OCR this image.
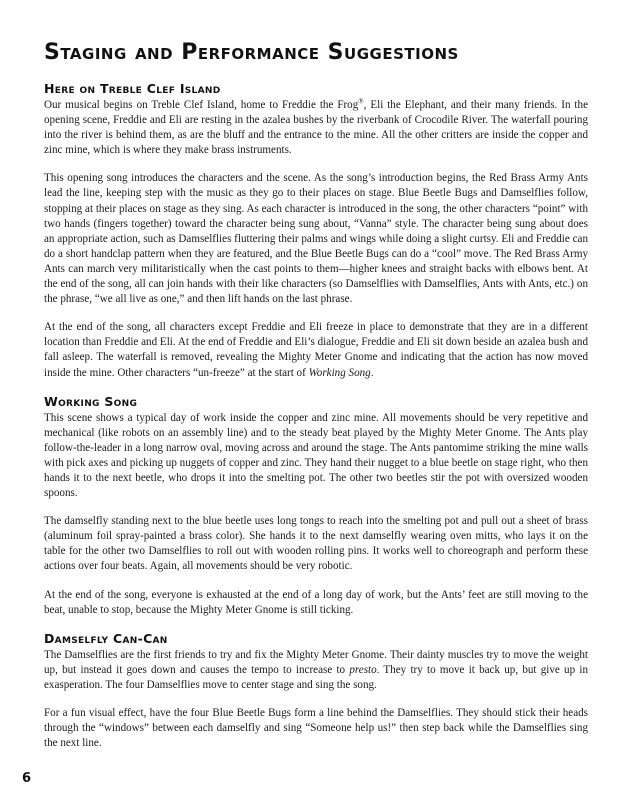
Staging and Performance Suggestions
Here on Treble Clef Island

Our musical begins on Treble Clef Island, home to Freddie the Frog®, Eli the Elephant, and their many friends. In the opening scene, Freddie and Eli are resting in the azalea bushes by the riverbank of Crocodile River. The waterfall pouring into the river is behind them, as are the bluff and the entrance to the mine. All the other critters are inside the copper and zinc mine, which is where they make brass instruments.

This opening song introduces the characters and the scene. As the song’s introduction begins, the Red Brass Army Ants lead the line, keeping step with the music as they go to their places on stage. Blue Beetle Bugs and Damselflies follow, stopping at their places on stage as they sing. As each character is introduced in the song, the other characters “point” with two hands (fingers together) toward the character being sung about, “Vanna” style. The character being sung about does an appropriate action, such as Damselflies fluttering their palms and wings while doing a slight curtsy. Eli and Freddie can do a short handclap pattern when they are featured, and the Blue Beetle Bugs can do a “cool” move. The Red Brass Army Ants can march very militaristically when the cast points to them—higher knees and straight backs with elbows bent. At the end of the song, all can join hands with their like characters (so Damselflies with Damselflies, Ants with Ants, etc.) on the phrase, “we all live as one,” and then lift hands on the last phrase.

At the end of the song, all characters except Freddie and Eli freeze in place to demonstrate that they are in a different location than Freddie and Eli. At the end of Freddie and Eli’s dialogue, Freddie and Eli sit down beside an azalea bush and fall asleep. The waterfall is removed, revealing the Mighty Meter Gnome and indicating that the action has now moved inside the mine. Other characters “un-freeze” at the start of Working Song.

Working Song

This scene shows a typical day of work inside the copper and zinc mine. All movements should be very repetitive and mechanical (like robots on an assembly line) and to the steady beat played by the Mighty Meter Gnome. The Ants play follow-the-leader in a long narrow oval, moving across and around the stage. The Ants pantomime striking the mine walls with pick axes and picking up nuggets of copper and zinc. They hand their nugget to a blue beetle on stage right, who then hands it to the next beetle, who drops it into the smelting pot. The other two beetles stir the pot with oversized wooden spoons.

The damselfly standing next to the blue beetle uses long tongs to reach into the smelting pot and pull out a sheet of brass (aluminum foil spray-painted a brass color). She hands it to the next damselfly wearing oven mitts, who lays it on the table for the other two Damselflies to roll out with wooden rolling pins. It works well to choreograph and perform these actions over four beats. Again, all movements should be very robotic.

At the end of the song, everyone is exhausted at the end of a long day of work, but the Ants’ feet are still moving to the beat, unable to stop, because the Mighty Meter Gnome is still ticking.

Damselfly Can-Can

The Damselflies are the first friends to try and fix the Mighty Meter Gnome. Their dainty muscles try to move the weight up, but instead it goes down and causes the tempo to increase to presto. They try to move it back up, but give up in exasperation. The four Damselflies move to center stage and sing the song.

For a fun visual effect, have the four Blue Beetle Bugs form a line behind the Damselflies. They should stick their heads through the “windows” between each damselfly and sing “Someone help us!” then step back while the Damselflies sing the next line.

6
